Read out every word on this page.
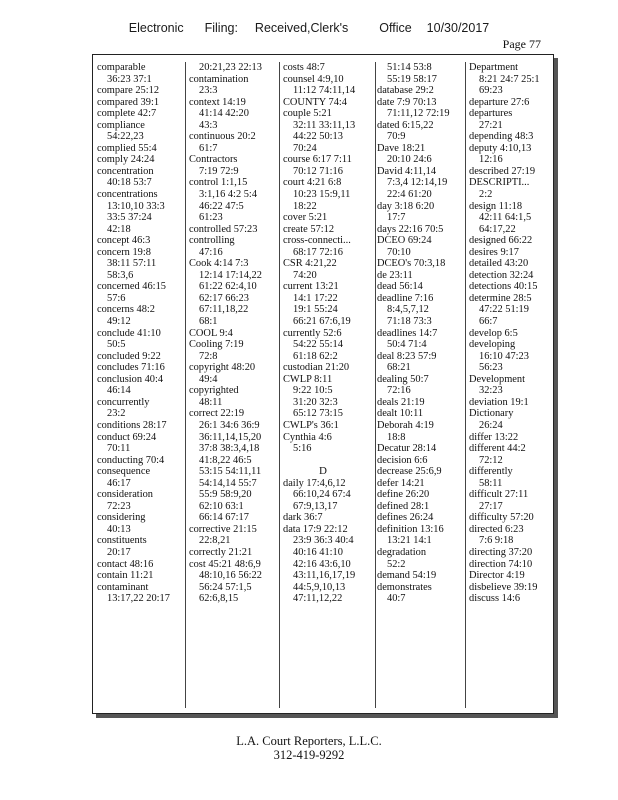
Electronic Filing: Received,Clerk's Office 10/30/2017
Page 77
comparable
36:23 37:1
compare 25:12
compared 39:1
complete 42:7
compliance
54:22,23
complied 55:4
comply 24:24
concentration
40:18 53:7
concentrations
13:10,10 33:3
33:5 37:24
42:18
concept 46:3
concern 19:8
38:11 57:11
58:3,6
concerned 46:15
57:6
concerns 48:2
49:12
conclude 41:10
50:5
concluded 9:22
concludes 71:16
conclusion 40:4
46:14
concurrently
23:2
conditions 28:17
conduct 69:24
70:11
conducting 70:4
consequence
46:17
consideration
72:23
considering
40:13
constituents
20:17
contact 48:16
contain 11:21
contaminant
13:17,22 20:17
20:21,23 22:13
contamination
23:3
context 14:19
41:14 42:20
43:3
continuous 20:2
61:7
Contractors
7:19 72:9
control 1:1,15
3:1,16 4:2 5:4
46:22 47:5
61:23
controlled 57:23
controlling
47:16
Cook 4:14 7:3
12:14 17:14,22
61:22 62:4,10
62:17 66:23
67:11,18,22
68:1
COOL 9:4
Cooling 7:19
72:8
copyright 48:20
49:4
copyrighted
48:11
correct 22:19
26:1 34:6 36:9
36:11,14,15,20
37:8 38:3,4,18
41:8,22 46:5
53:15 54:11,11
54:14,14 55:7
55:9 58:9,20
62:10 63:1
66:14 67:17
corrective 21:15
22:8,21
correctly 21:21
cost 45:21 48:6,9
48:10,16 56:22
56:24 57:1,5
62:6,8,15
costs 48:7
counsel 4:9,10
11:12 74:11,14
COUNTY 74:4
couple 5:21
32:11 33:11,13
44:22 50:13
70:24
course 6:17 7:11
70:12 71:16
court 4:21 6:8
10:23 15:9,11
18:22
cover 5:21
create 57:12
cross-connecti...
68:17 72:16
CSR 4:21,22
74:20
current 13:21
14:1 17:22
19:1 55:24
66:21 67:6,19
currently 52:6
54:22 55:14
61:18 62:2
custodian 21:20
CWLP 8:11
9:22 10:5
31:20 32:3
65:12 73:15
CWLP's 36:1
Cynthia 4:6
5:16
D
daily 17:4,6,12
66:10,24 67:4
67:9,13,17
dark 36:7
data 17:9 22:12
23:9 36:3 40:4
40:16 41:10
42:16 43:6,10
43:11,16,17,19
44:5,9,10,13
47:11,12,22
51:14 53:8
55:19 58:17
database 29:2
date 7:9 70:13
71:11,12 72:19
dated 6:15,22
70:9
Dave 18:21
20:10 24:6
David 4:11,14
7:3,4 12:14,19
22:4 61:20
day 3:18 6:20
17:7
days 22:16 70:5
DCEO 69:24
70:10
DCEO's 70:3,18
de 23:11
dead 56:14
deadline 7:16
8:4,5,7,12
71:18 73:3
deadlines 14:7
50:4 71:4
deal 8:23 57:9
68:21
dealing 50:7
72:16
deals 21:19
dealt 10:11
Deborah 4:19
18:8
Decatur 28:14
decision 6:6
decrease 25:6,9
defer 14:21
define 26:20
defined 28:1
defines 26:24
definition 13:16
13:21 14:1
degradation
52:2
demand 54:19
demonstrates
40:7
Department
8:21 24:7 25:1
69:23
departure 27:6
departures
27:21
depending 48:3
deputy 4:10,13
12:16
described 27:19
DESCRIPTI...
2:2
design 11:18
42:11 64:1,5
64:17,22
designed 66:22
desires 9:17
detailed 43:20
detection 32:24
detections 40:15
determine 28:5
47:22 51:19
66:7
develop 6:5
developing
16:10 47:23
56:23
Development
32:23
deviation 19:1
Dictionary
26:24
differ 13:22
different 44:2
72:12
differently
58:11
difficult 27:11
27:17
difficulty 57:20
directed 6:23
7:6 9:18
directing 37:20
direction 74:10
Director 4:19
disbelieve 39:19
discuss 14:6
L.A. Court Reporters, L.L.C.
312-419-9292
